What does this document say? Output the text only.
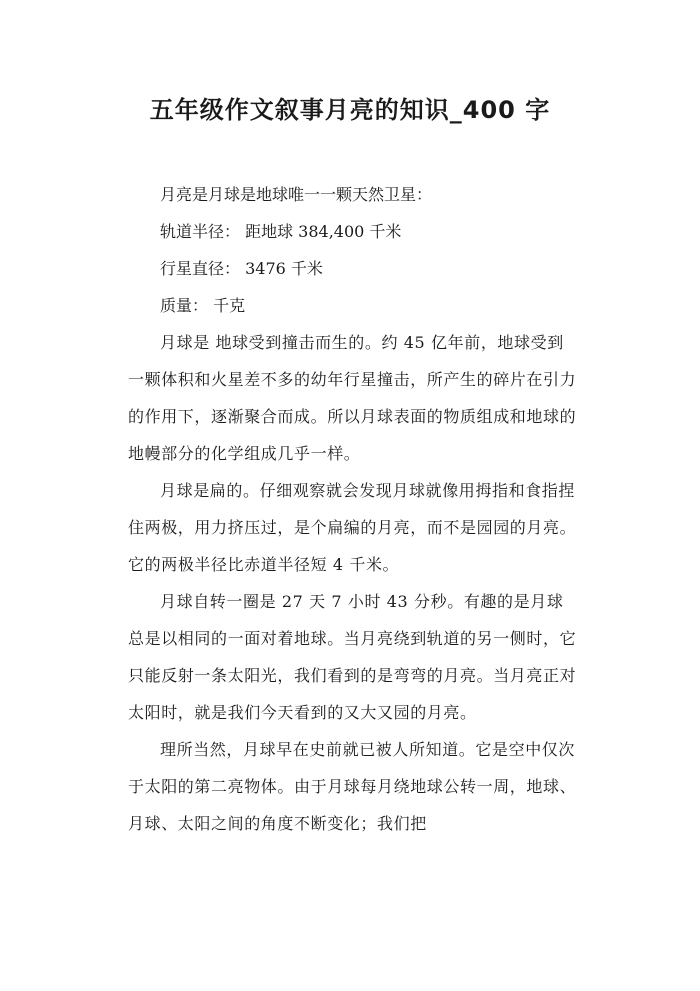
五年级作文叙事月亮的知识_400 字

月亮是月球是地球唯一一颗天然卫星：

轨道半径： 距地球 384,400 千米

行星直径： 3476 千米

质量： 千克

月球是 地球受到撞击而生的。约 45 亿年前，地球受到一颗体积和火星差不多的幼年行星撞击，所产生的碎片在引力的作用下，逐渐聚合而成。所以月球表面的物质组成和地球的地幔部分的化学组成几乎一样。

月球是扁的。仔细观察就会发现月球就像用拇指和食指捏住两极，用力挤压过，是个扁编的月亮，而不是园园的月亮。它的两极半径比赤道半径短 4 千米。

月球自转一圈是 27 天 7 小时 43 分秒。有趣的是月球总是以相同的一面对着地球。当月亮绕到轨道的另一侧时，它只能反射一条太阳光，我们看到的是弯弯的月亮。当月亮正对太阳时，就是我们今天看到的又大又园的月亮。

理所当然，月球早在史前就已被人所知道。它是空中仅次于太阳的第二亮物体。由于月球每月绕地球公转一周，地球、月球、太阳之间的角度不断变化；我们把
